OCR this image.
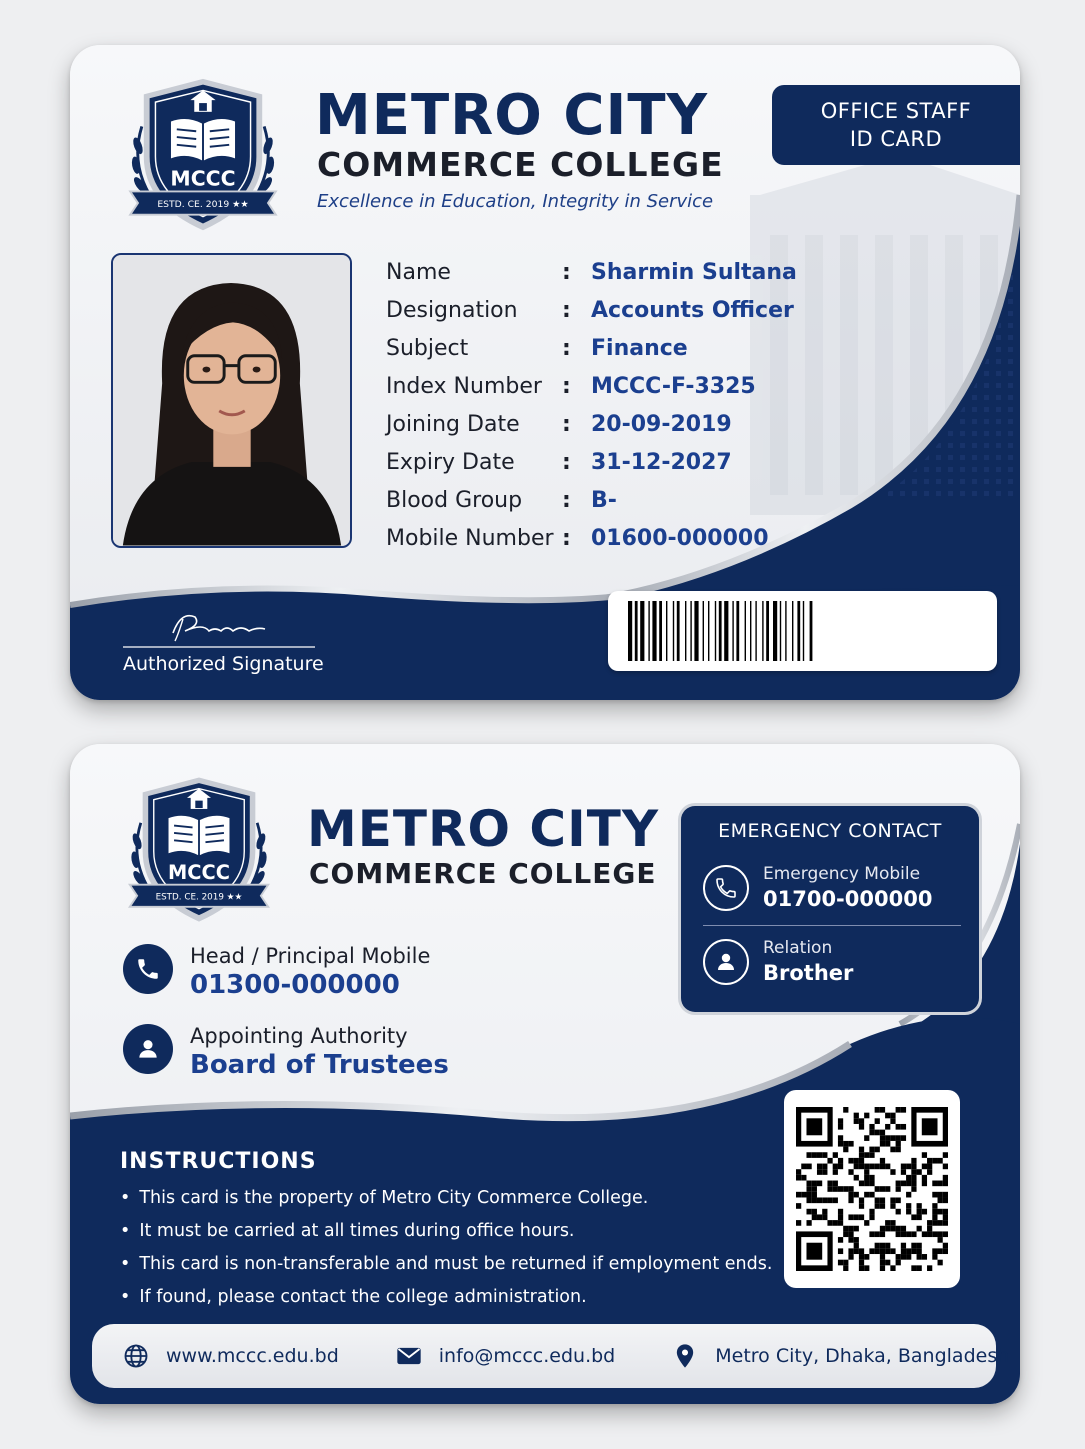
MCCC
ESTD. CE. 2019 ★★
METRO CITY
COMMERCE COLLEGE
Excellence in Education, Integrity in Service
OFFICE STAFF
ID CARD
Name	: Sharmin Sultana
Designation	: Accounts Officer
Subject	: Finance
Index Number : MCCC-F-3325
Joining Date	: 20-09-2019
Expiry Date	: 31-12-2027
Blood Group	: B-
Mobile Number : 01600-000000
Authorized Signature
MCCC
ESTD. CE. 2019 ★★
METRO CITY
COMMERCE COLLEGE
Head / Principal Mobile
01300-000000
Appointing Authority
Board of Trustees
EMERGENCY CONTACT
Emergency Mobile
01700-000000
Relation
Brother
INSTRUCTIONS
• This card is the property of Metro City Commerce College.
• It must be carried at all times during office hours.
• This card is non-transferable and must be returned if employment ends.
• If found, please contact the college administration.
www.mccc.edu.bd	info@mccc.edu.bd	Metro City, Dhaka, Bangladesh
